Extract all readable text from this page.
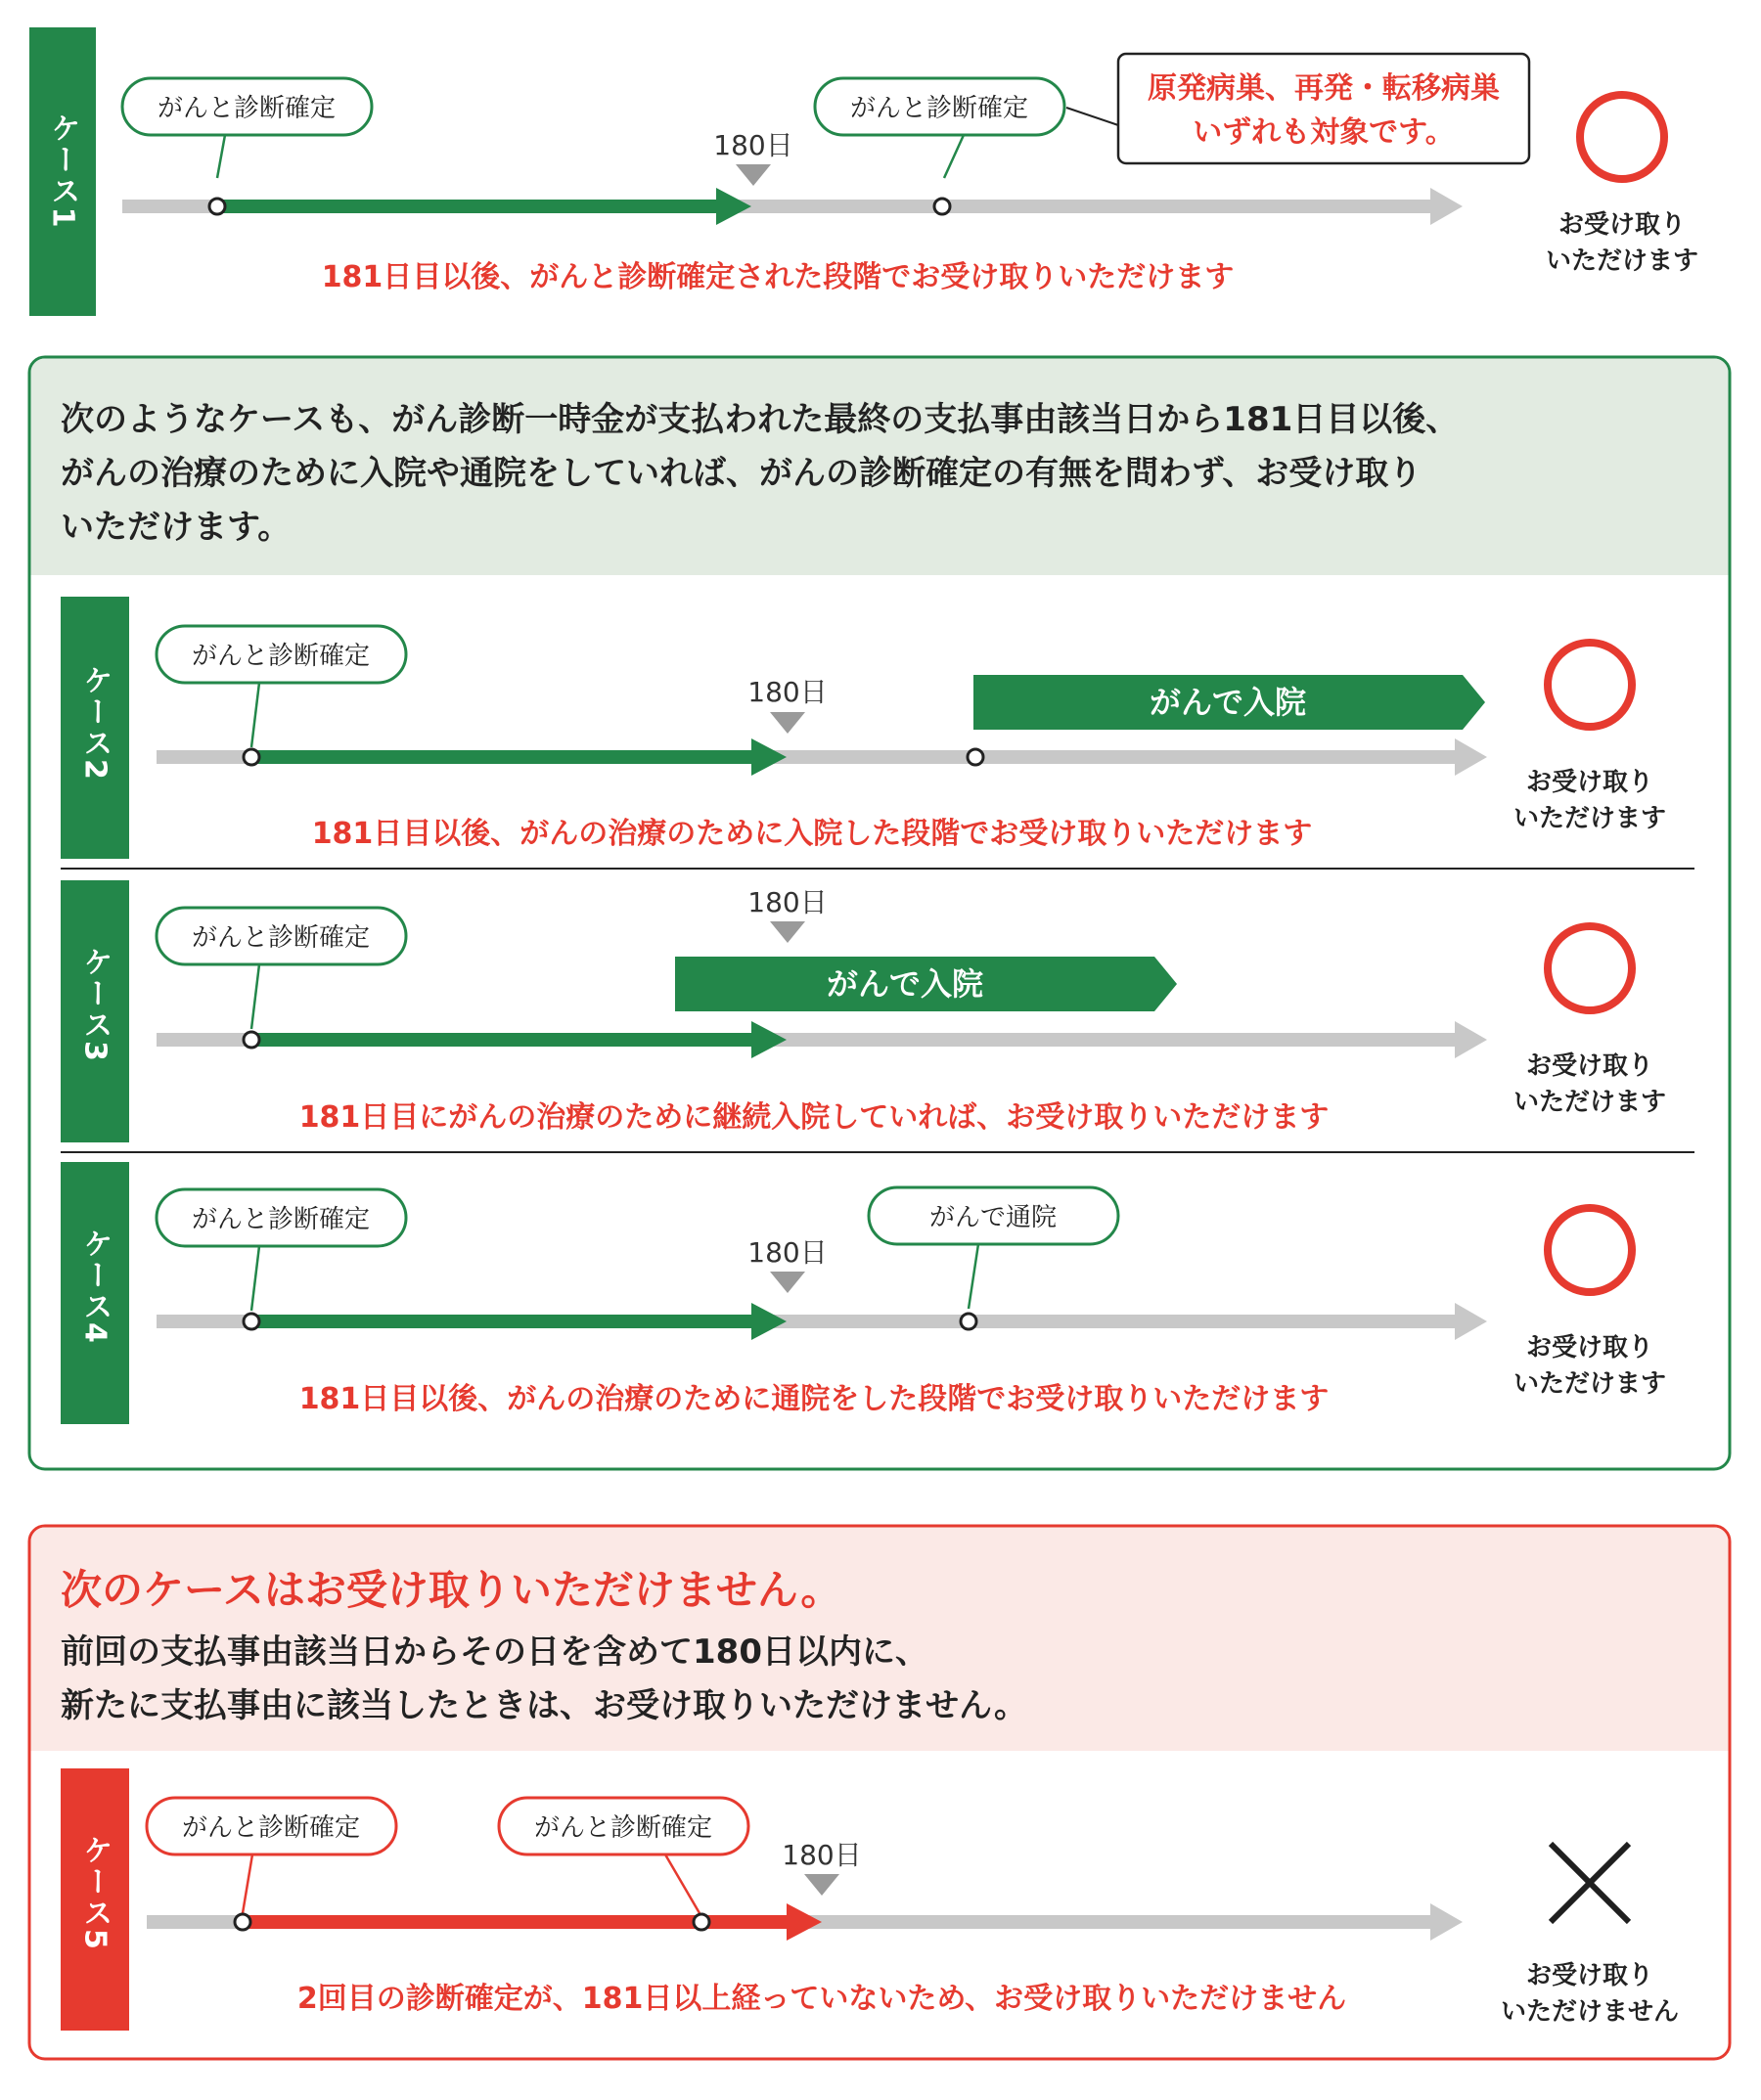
ケース1
がんと診断確定	がんと診断確定
180日
原発病巣、再発・転移病巣
いずれも対象です。
181日目以後、がんと診断確定された段階でお受け取りいただけます
お受け取り
いただけます
次のようなケースも、がん診断一時金が支払われた最終の支払事由該当日から181日目以後、
がんの治療のために入院や通院をしていれば、がんの診断確定の有無を問わず、お受け取り
いただけます。
ケース2
がんと診断確定
180日	がんで入院
181日目以後、がんの治療のために入院した段階でお受け取りいただけます
お受け取り
いただけます
ケース3
がんと診断確定
180日
がんで入院
181日目にがんの治療のために継続入院していれば、お受け取りいただけます
お受け取り
いただけます
ケース4
がんと診断確定	がんで通院
180日
181日目以後、がんの治療のために通院をした段階でお受け取りいただけます
お受け取り
いただけます
次のケースはお受け取りいただけません。
前回の支払事由該当日からその日を含めて180日以内に、
新たに支払事由に該当したときは、お受け取りいただけません。
ケース5
がんと診断確定	がんと診断確定
180日
2回目の診断確定が、181日以上経っていないため、お受け取りいただけません
お受け取り
いただけません
